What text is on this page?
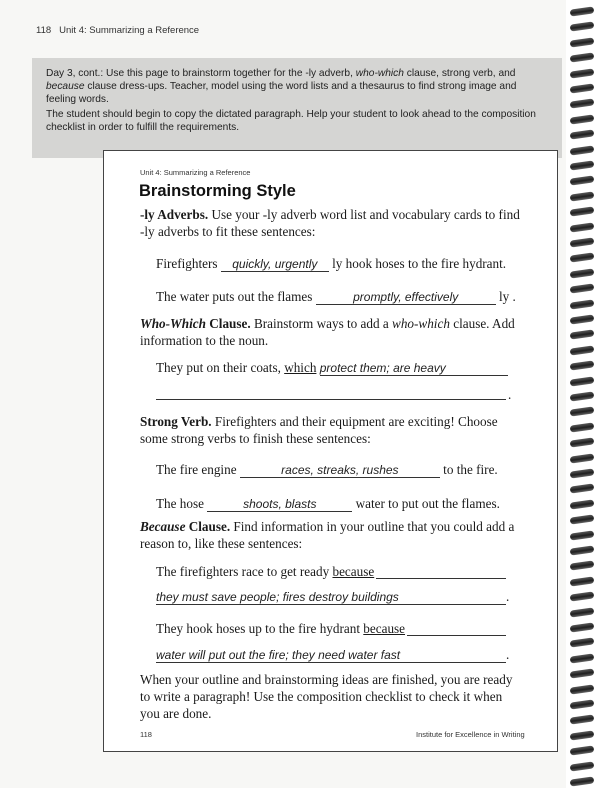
118 Unit 4: Summarizing a Reference

Day 3, cont.: Use this page to brainstorm together for the -ly adverb, who-which clause, strong verb, and because clause dress-ups. Teacher, model using the word lists and a thesaurus to find strong image and feeling words.

The student should begin to copy the dictated paragraph. Help your student to look ahead to the composition checklist in order to fulfill the requirements.

Unit 4: Summarizing a Reference
Brainstorming Style
-ly Adverbs. Use your -ly adverb word list and vocabulary cards to find -ly adverbs to fit these sentences:
Firefighters quickly, urgently ly hook hoses to the fire hydrant.
The water puts out the flames	promptly, effectively	ly .
Who-Which Clause. Brainstorm ways to add a who-which clause. Add information to the noun.
They put on their coats, which protect them; are heavy
.
Strong Verb. Firefighters and their equipment are exciting! Choose some strong verbs to finish these sentences:
The fire engine	races, streaks, rushes	to the fire.
The hose	shoots, blasts	water to put out the flames.
Because Clause. Find information in your outline that you could add a reason to, like these sentences:
The firefighters race to get ready because
they must save people; fires destroy buildings	.
They hook hoses up to the fire hydrant because
water will put out the fire; they need water fast	.
When your outline and brainstorming ideas are finished, you are ready to write a paragraph! Use the composition checklist to check it when you are done.
118	Institute for Excellence in Writing
